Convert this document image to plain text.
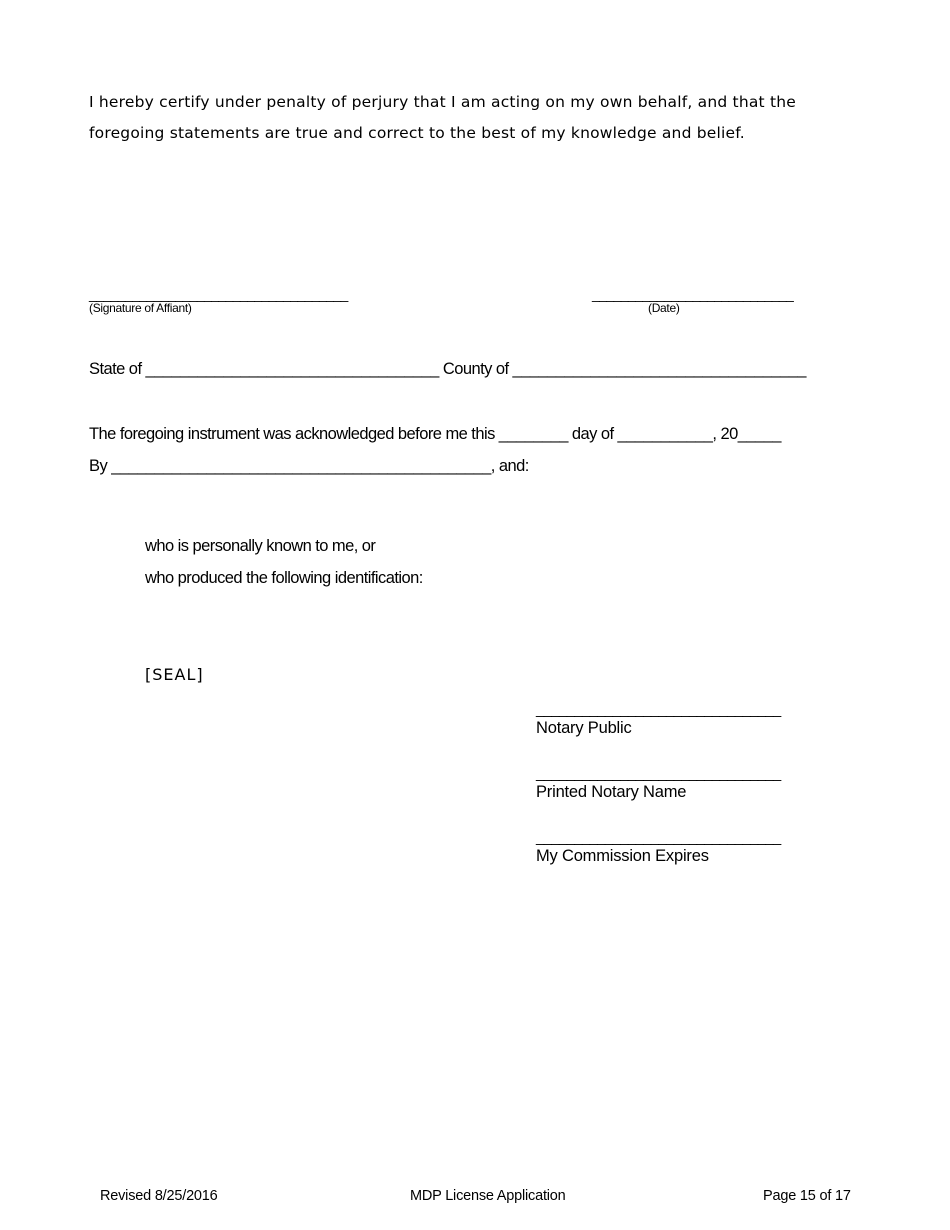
I hereby certify under penalty of perjury that I am acting on my own behalf, and that the

foregoing statements are true and correct to the best of my knowledge and belief.

____________________________________
(Signature of Affiant)
____________________________
(Date)
State of __________________________________ County of __________________________________
The foregoing instrument was acknowledged before me this ________ day of ___________, 20_____
By ____________________________________________, and:
who is personally known to me, or
who produced the following identification:
[SEAL]
________________________________
Notary Public
________________________________
Printed Notary Name
________________________________
My Commission Expires
Revised 8/25/2016	MDP License Application	Page 15 of 17
